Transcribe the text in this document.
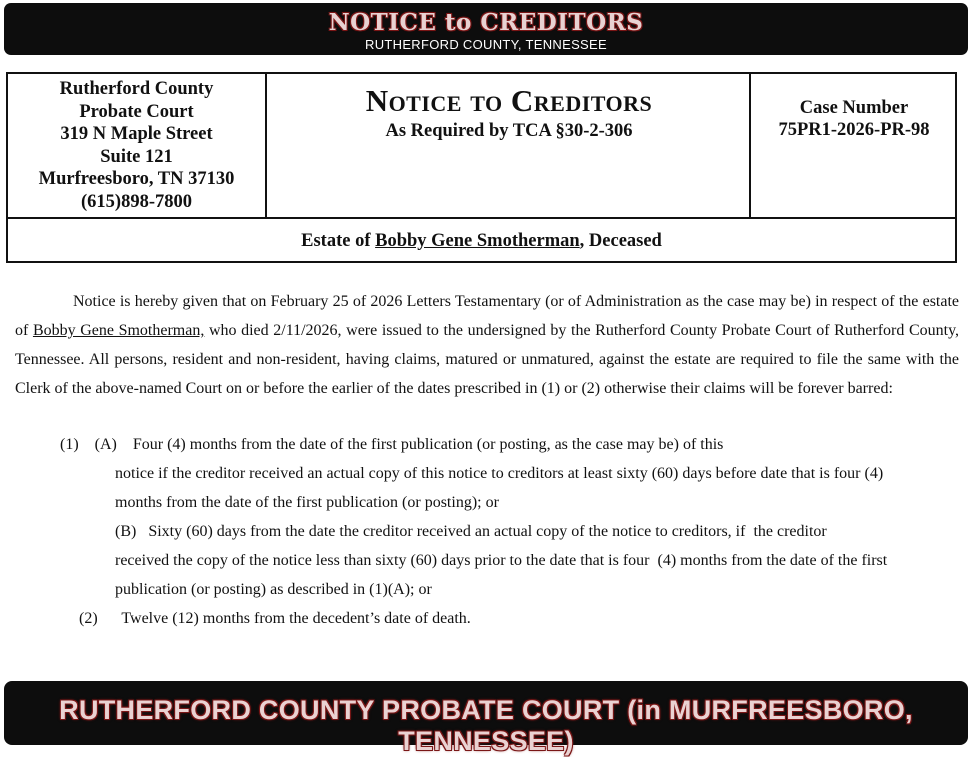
NOTICE to CREDITORS
RUTHERFORD COUNTY, TENNESSEE
Rutherford County
Probate Court
319 N Maple Street
Suite 121
Murfreesboro, TN 37130
(615)898-7800
Notice to Creditors
As Required by TCA §30-2-306
Case Number
75PR1-2026-PR-98
Estate of Bobby Gene Smotherman, Deceased

Notice is hereby given that on February 25 of 2026 Letters Testamentary (or of Administration as the case may be) in respect of the estate of Bobby Gene Smotherman, who died 2/11/2026, were issued to the undersigned by the Rutherford County Probate Court of Rutherford County, Tennessee. All persons, resident and non-resident, having claims, matured or unmatured, against the estate are required to file the same with the Clerk of the above-named Court on or before the earlier of the dates prescribed in (1) or (2) otherwise their claims will be forever barred:

(1)    (A)    Four (4) months from the date of the first publication (or posting, as the case may be) of this
notice if the creditor received an actual copy of this notice to creditors at least sixty (60) days before date that is four (4)
months from the date of the first publication (or posting); or
(B)   Sixty (60) days from the date the creditor received an actual copy of the notice to creditors, if  the creditor
received the copy of the notice less than sixty (60) days prior to the date that is four  (4) months from the date of the first
publication (or posting) as described in (1)(A); or
(2)      Twelve (12) months from the decedent’s date of death.
RUTHERFORD COUNTY PROBATE COURT (in MURFREESBORO, TENNESSEE)
